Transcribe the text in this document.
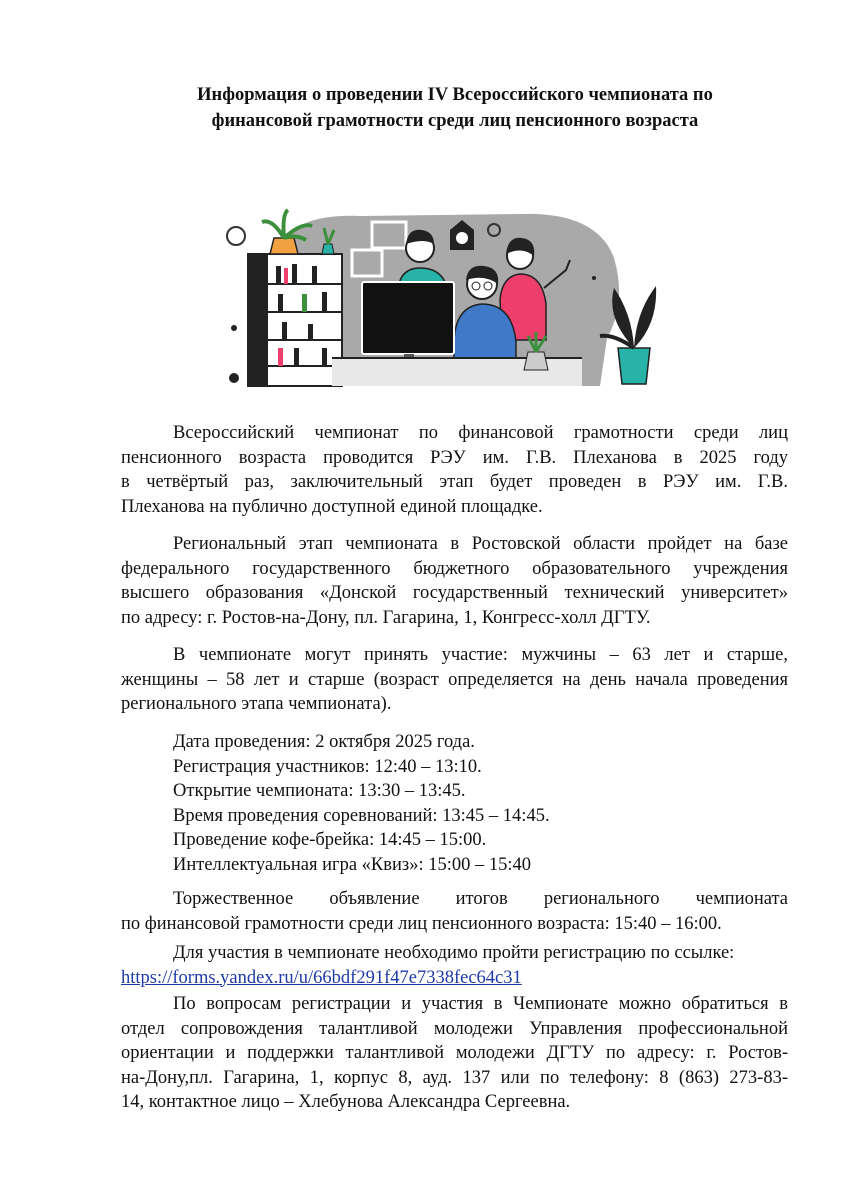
Информация о проведении IV Всероссийского чемпионата по
финансовой грамотности среди лиц пенсионного возраста
Всероссийский чемпионат по финансовой грамотности среди лиц
пенсионного возраста проводится РЭУ им. Г.В. Плеханова в 2025 году
в четвёртый раз, заключительный этап будет проведен в РЭУ им. Г.В.
Плеханова на публично доступной единой площадке.
Региональный этап чемпионата в Ростовской области пройдет на базе
федерального государственного бюджетного образовательного учреждения
высшего образования «Донской государственный технический университет»
по адресу: г. Ростов-на-Дону, пл. Гагарина, 1, Конгресс-холл ДГТУ.
В чемпионате могут принять участие: мужчины – 63 лет и старше,
женщины – 58 лет и старше (возраст определяется на день начала проведения
регионального этапа чемпионата).
Дата проведения: 2 октября 2025 года.
Регистрация участников: 12:40 – 13:10.
Открытие чемпионата: 13:30 – 13:45.
Время проведения соревнований: 13:45 – 14:45.
Проведение кофе-брейка: 14:45 – 15:00.
Интеллектуальная игра «Квиз»: 15:00 – 15:40
Торжественное объявление итогов регионального чемпионата
по финансовой грамотности среди лиц пенсионного возраста: 15:40 – 16:00.
Для участия в чемпионате необходимо пройти регистрацию по ссылке:
https://forms.yandex.ru/u/66bdf291f47e7338fec64c31
По вопросам регистрации и участия в Чемпионате можно обратиться в
отдел сопровождения талантливой молодежи Управления профессиональной
ориентации и поддержки талантливой молодежи ДГТУ по адресу: г. Ростов-
на-Дону,пл. Гагарина, 1, корпус 8, ауд. 137 или по телефону: 8 (863) 273-83-
14, контактное лицо – Хлебунова Александра Сергеевна.
